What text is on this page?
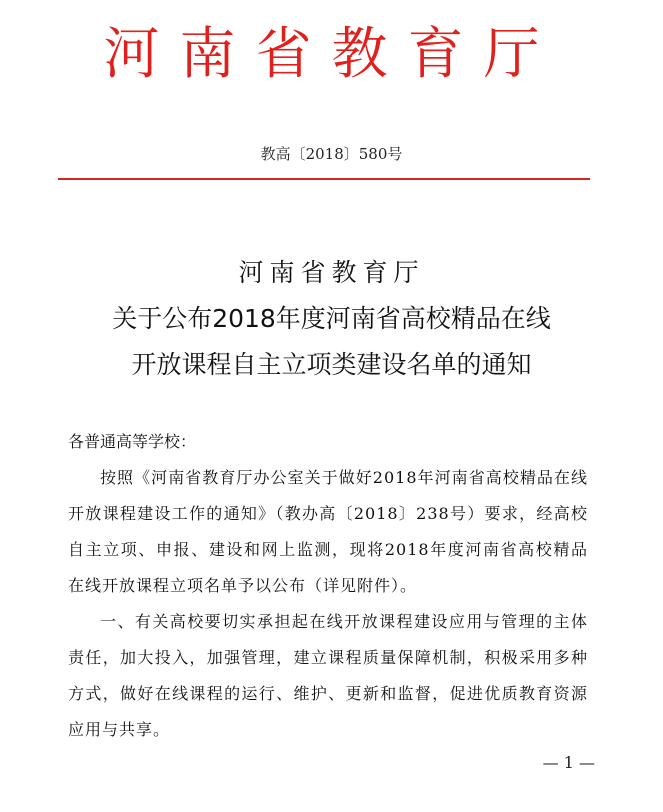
河南省教育厅
教高〔2018〕580号
河南省教育厅
关于公布2018年度河南省高校精品在线
开放课程自主立项类建设名单的通知

各普通高等学校：

按照《河南省教育厅办公室关于做好2018年河南省高校精品在线开放课程建设工作的通知》（教办高〔2018〕238号）要求，经高校自主立项、申报、建设和网上监测，现将2018年度河南省高校精品在线开放课程立项名单予以公布（详见附件）。

一、有关高校要切实承担起在线开放课程建设应用与管理的主体责任，加大投入，加强管理，建立课程质量保障机制，积极采用多种方式，做好在线课程的运行、维护、更新和监督，促进优质教育资源应用与共享。

— 1 —
